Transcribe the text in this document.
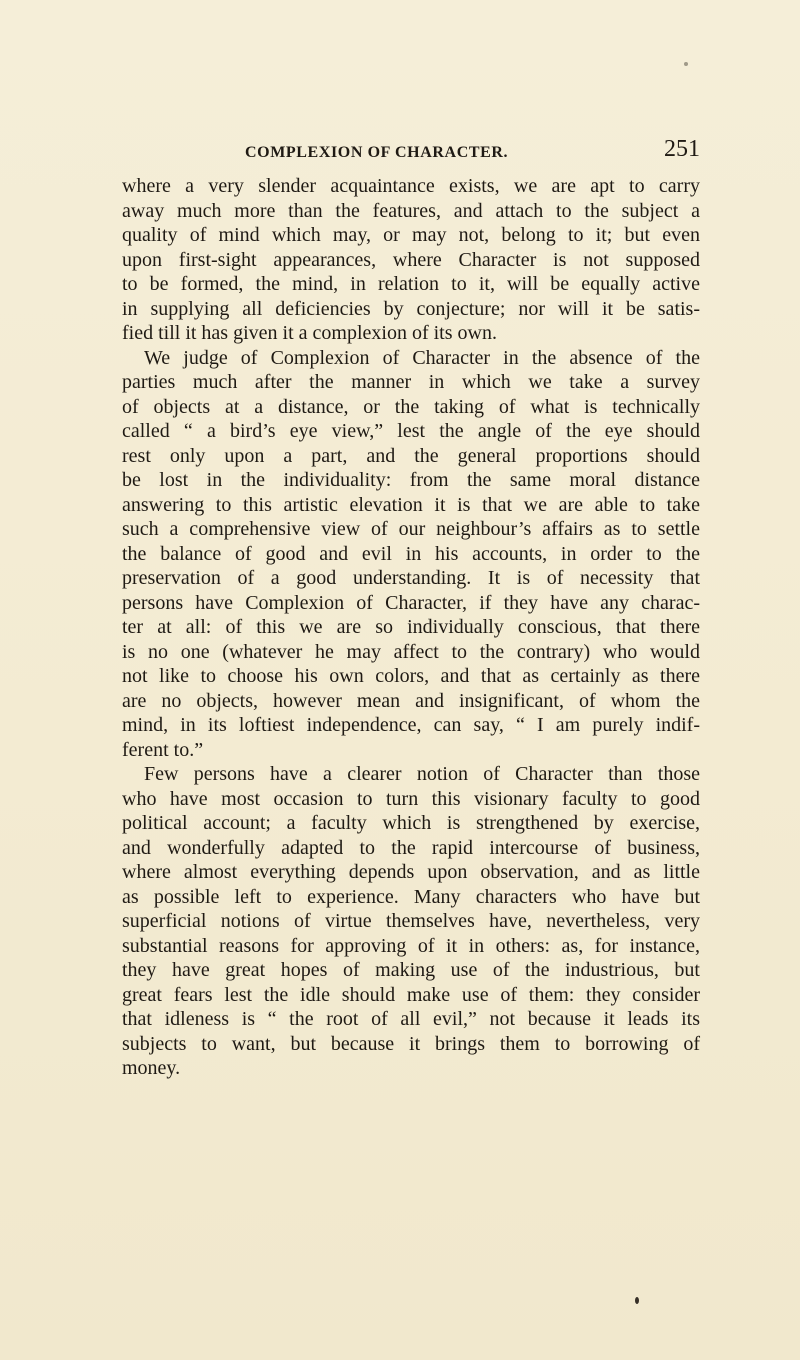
COMPLEXION OF CHARACTER.	251

where a very slender acquaintance exists, we are apt to carry
away much more than the features, and attach to the subject a
quality of mind which may, or may not, belong to it; but even
upon first-sight appearances, where Character is not supposed
to be formed, the mind, in relation to it, will be equally active
in supplying all deficiencies by conjecture; nor will it be satis-
fied till it has given it a complexion of its own.

We judge of Complexion of Character in the absence of the
parties much after the manner in which we take a survey
of objects at a distance, or the taking of what is technically
called “ a bird’s eye view,” lest the angle of the eye should
rest only upon a part, and the general proportions should
be lost in the individuality: from the same moral distance
answering to this artistic elevation it is that we are able to take
such a comprehensive view of our neighbour’s affairs as to settle
the balance of good and evil in his accounts, in order to the
preservation of a good understanding. It is of necessity that
persons have Complexion of Character, if they have any charac-
ter at all: of this we are so individually conscious, that there
is no one (whatever he may affect to the contrary) who would
not like to choose his own colors, and that as certainly as there
are no objects, however mean and insignificant, of whom the
mind, in its loftiest independence, can say, “ I am purely indif-
ferent to.”

Few persons have a clearer notion of Character than those
who have most occasion to turn this visionary faculty to good
political account; a faculty which is strengthened by exercise,
and wonderfully adapted to the rapid intercourse of business,
where almost everything depends upon observation, and as little
as possible left to experience. Many characters who have but
superficial notions of virtue themselves have, nevertheless, very
substantial reasons for approving of it in others: as, for instance,
they have great hopes of making use of the industrious, but
great fears lest the idle should make use of them: they consider
that idleness is “ the root of all evil,” not because it leads its
subjects to want, but because it brings them to borrowing of
money.
